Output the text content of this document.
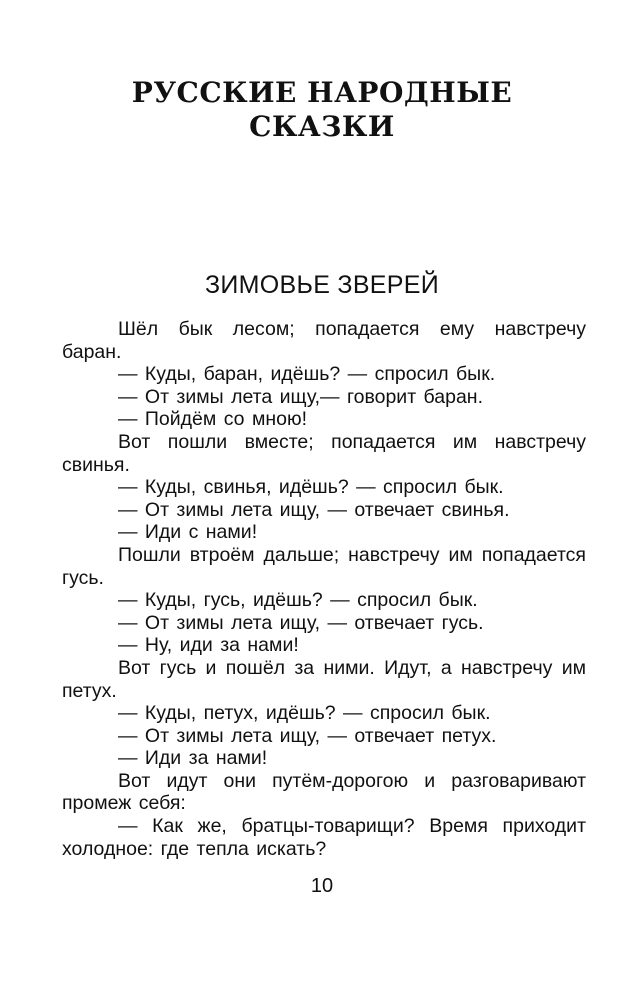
РУССКИЕ НАРОДНЫЕ
СКАЗКИ
ЗИМОВЬЕ ЗВЕРЕЙ

Шёл бык лесом; попадается ему навстречу баран.

— Куды, баран, идёшь? — спросил бык.

— От зимы лета ищу,— говорит баран.

— Пойдём со мною!

Вот пошли вместе; попадается им навстречу свинья.

— Куды, свинья, идёшь? — спросил бык.

— От зимы лета ищу, — отвечает свинья.

— Иди с нами!

Пошли втроём дальше; навстречу им попадается гусь.

— Куды, гусь, идёшь? — спросил бык.

— От зимы лета ищу, — отвечает гусь.

— Ну, иди за нами!

Вот гусь и пошёл за ними. Идут, а навстречу им петух.

— Куды, петух, идёшь? — спросил бык.

— От зимы лета ищу, — отвечает петух.

— Иди за нами!

Вот идут они путём-дорогою и разговаривают промеж себя:

— Как же, братцы-товарищи? Время приходит холодное: где тепла искать?

10
